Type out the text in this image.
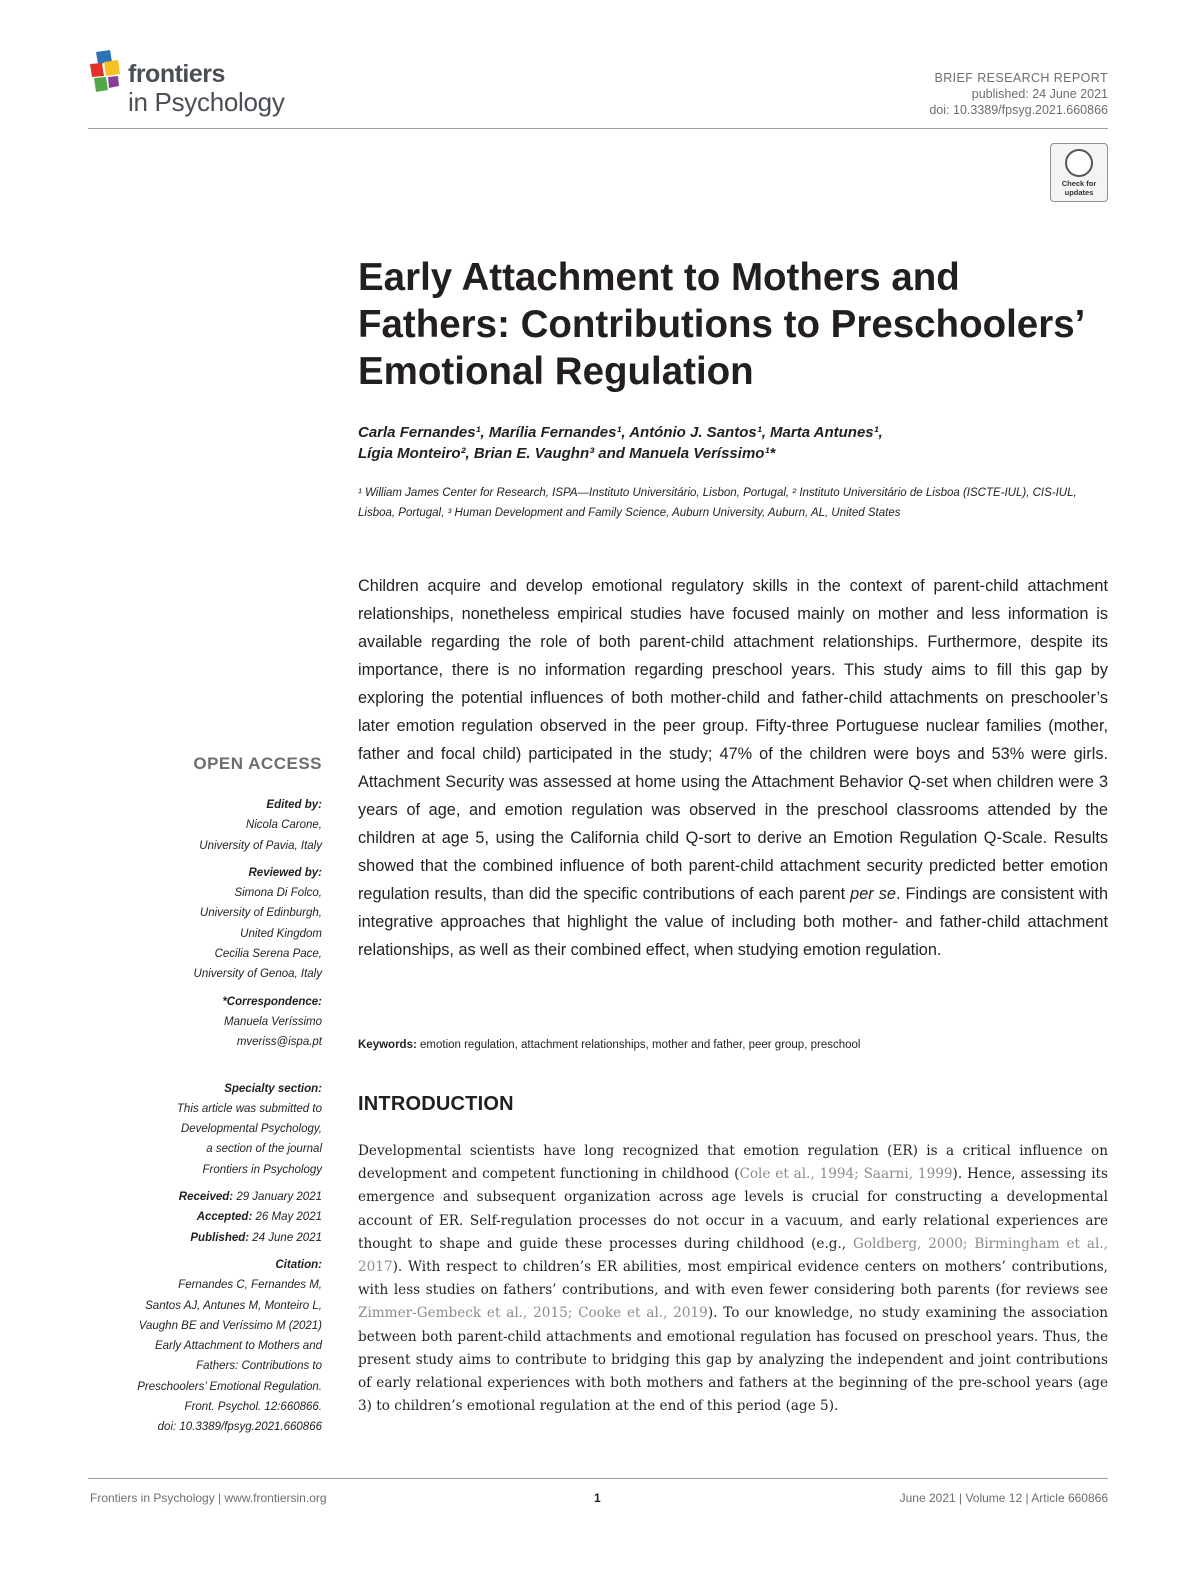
frontiers
in Psychology
BRIEF RESEARCH REPORT
published: 24 June 2021
doi: 10.3389/fpsyg.2021.660866
Check for updates
Early Attachment to Mothers and Fathers: Contributions to Preschoolers’ Emotional Regulation
Carla Fernandes¹, Marília Fernandes¹, António J. Santos¹, Marta Antunes¹,
Lígia Monteiro², Brian E. Vaughn³ and Manuela Veríssimo¹*
¹ William James Center for Research, ISPA—Instituto Universitário, Lisbon, Portugal, ² Instituto Universitário de Lisboa (ISCTE-IUL), CIS-IUL, Lisboa, Portugal, ³ Human Development and Family Science, Auburn University, Auburn, AL, United States
Children acquire and develop emotional regulatory skills in the context of parent-child attachment relationships, nonetheless empirical studies have focused mainly on mother and less information is available regarding the role of both parent-child attachment relationships. Furthermore, despite its importance, there is no information regarding preschool years. This study aims to fill this gap by exploring the potential influences of both mother-child and father-child attachments on preschooler’s later emotion regulation observed in the peer group. Fifty-three Portuguese nuclear families (mother, father and focal child) participated in the study; 47% of the children were boys and 53% were girls. Attachment Security was assessed at home using the Attachment Behavior Q-set when children were 3 years of age, and emotion regulation was observed in the preschool classrooms attended by the children at age 5, using the California child Q-sort to derive an Emotion Regulation Q-Scale. Results showed that the combined influence of both parent-child attachment security predicted better emotion regulation results, than did the specific contributions of each parent per se. Findings are consistent with integrative approaches that highlight the value of including both mother- and father-child attachment relationships, as well as their combined effect, when studying emotion regulation.
Keywords: emotion regulation, attachment relationships, mother and father, peer group, preschool
INTRODUCTION
Developmental scientists have long recognized that emotion regulation (ER) is a critical influence on development and competent functioning in childhood (Cole et al., 1994; Saarni, 1999). Hence, assessing its emergence and subsequent organization across age levels is crucial for constructing a developmental account of ER. Self-regulation processes do not occur in a vacuum, and early relational experiences are thought to shape and guide these processes during childhood (e.g., Goldberg, 2000; Birmingham et al., 2017). With respect to children’s ER abilities, most empirical evidence centers on mothers’ contributions, with less studies on fathers’ contributions, and with even fewer considering both parents (for reviews see Zimmer-Gembeck et al., 2015; Cooke et al., 2019). To our knowledge, no study examining the association between both parent-child attachments and emotional regulation has focused on preschool years. Thus, the present study aims to contribute to bridging this gap by analyzing the independent and joint contributions of early relational experiences with both mothers and fathers at the beginning of the pre-school years (age 3) to children’s emotional regulation at the end of this period (age 5).
OPEN ACCESS
Edited by:
Nicola Carone,
University of Pavia, Italy
Reviewed by:
Simona Di Folco,
University of Edinburgh,
United Kingdom
Cecilia Serena Pace,
University of Genoa, Italy
*Correspondence:
Manuela Veríssimo
mveriss@ispa.pt
Specialty section:
This article was submitted to
Developmental Psychology,
a section of the journal
Frontiers in Psychology
Received: 29 January 2021
Accepted: 26 May 2021
Published: 24 June 2021
Citation:
Fernandes C, Fernandes M,
Santos AJ, Antunes M, Monteiro L,
Vaughn BE and Veríssimo M (2021)
Early Attachment to Mothers and
Fathers: Contributions to
Preschoolers’ Emotional Regulation.
Front. Psychol. 12:660866.
doi: 10.3389/fpsyg.2021.660866
Frontiers in Psychology | www.frontiersin.org	1	June 2021 | Volume 12 | Article 660866
